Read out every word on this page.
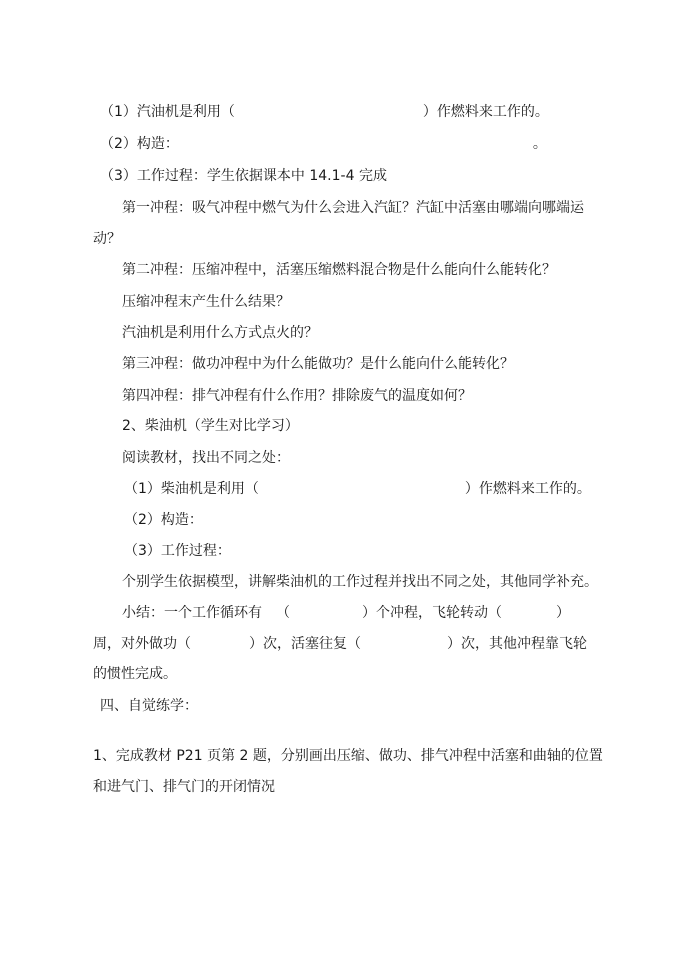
（1）汽油机是利用（	）作燃料来工作的。
（2）构造：	。
（3）工作过程：学生依据课本中 14.1-4 完成
第一冲程：吸气冲程中燃气为什么会进入汽缸？汽缸中活塞由哪端向哪端运
动？
第二冲程：压缩冲程中，活塞压缩燃料混合物是什么能向什么能转化？
压缩冲程末产生什么结果？
汽油机是利用什么方式点火的？
第三冲程：做功冲程中为什么能做功？是什么能向什么能转化？
第四冲程：排气冲程有什么作用？排除废气的温度如何？
2、柴油机（学生对比学习）
阅读教材，找出不同之处：
（1）柴油机是利用（	）作燃料来工作的。
（2）构造：
（3）工作过程：
个别学生依据模型，讲解柴油机的工作过程并找出不同之处，其他同学补充。
小结：一个工作循环有 （	）个冲程，飞轮转动（	）
周，对外做功（	）次，活塞往复（	）次，其他冲程靠飞轮
的惯性完成。
四、自觉练学：
1、完成教材 P21 页第 2 题，分别画出压缩、做功、排气冲程中活塞和曲轴的位置
和进气门、排气门的开闭情况
